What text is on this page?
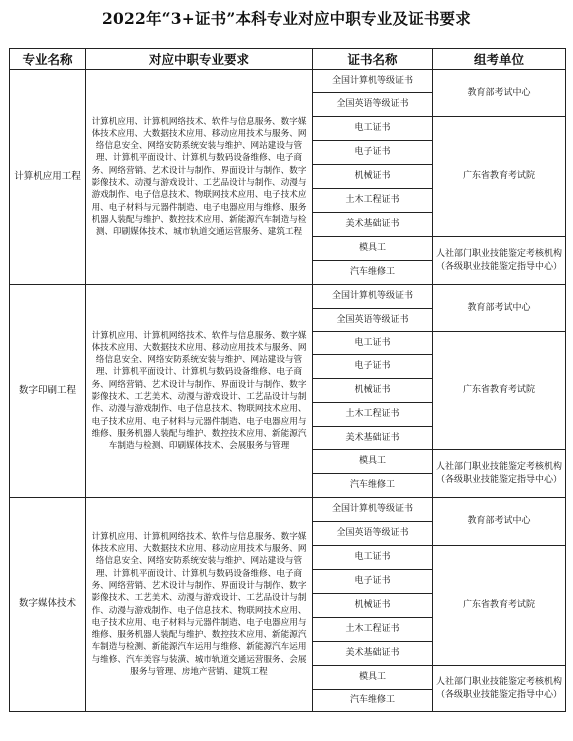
2022年“3+证书”本科专业对应中职专业及证书要求
专业名称	对应中职专业要求	证书名称	组考单位
计算机应用工程	计算机应用、计算机网络技术、软件与信息服务、数字媒体技术应用、大数据技术应用、移动应用技术与服务、网络信息安全、网络安防系统安装与维护、网站建设与管理、计算机平面设计、计算机与数码设备维修、电子商务、网络营销、艺术设计与制作、界面设计与制作、数字影像技术、动漫与游戏设计、工艺品设计与制作、动漫与游戏制作、电子信息技术、物联网技术应用、电子技术应用、电子材料与元器件制造、电子电器应用与维修、服务机器人装配与维护、数控技术应用、新能源汽车制造与检测、印刷媒体技术、城市轨道交通运营服务、建筑工程	全国计算机等级证书	教育部考试中心
		全国英语等级证书	
		电工证书	广东省教育考试院
		电子证书	
		机械证书	
		土木工程证书	
		美术基础证书	
		模具工	人社部门职业技能鉴定考核机构（各级职业技能鉴定指导中心）
		汽车维修工	
数字印刷工程	计算机应用、计算机网络技术、软件与信息服务、数字媒体技术应用、大数据技术应用、移动应用技术与服务、网络信息安全、网络安防系统安装与维护、网站建设与管理、计算机平面设计、计算机与数码设备维修、电子商务、网络营销、艺术设计与制作、界面设计与制作、数字影像技术、工艺美术、动漫与游戏设计、工艺品设计与制作、动漫与游戏制作、电子信息技术、物联网技术应用、电子技术应用、电子材料与元器件制造、电子电器应用与维修、服务机器人装配与维护、数控技术应用、新能源汽车制造与检测、印刷媒体技术、会展服务与管理	全国计算机等级证书	教育部考试中心
		全国英语等级证书	
		电工证书	广东省教育考试院
		电子证书	
		机械证书	
		土木工程证书	
		美术基础证书	
		模具工	人社部门职业技能鉴定考核机构（各级职业技能鉴定指导中心）
		汽车维修工	
数字媒体技术	计算机应用、计算机网络技术、软件与信息服务、数字媒体技术应用、大数据技术应用、移动应用技术与服务、网络信息安全、网络安防系统安装与维护、网站建设与管理、计算机平面设计、计算机与数码设备维修、电子商务、网络营销、艺术设计与制作、界面设计与制作、数字影像技术、工艺美术、动漫与游戏设计、工艺品设计与制作、动漫与游戏制作、电子信息技术、物联网技术应用、电子技术应用、电子材料与元器件制造、电子电器应用与维修、服务机器人装配与维护、数控技术应用、新能源汽车制造与检测、新能源汽车运用与维修、新能源汽车运用与维修、汽车美容与装潢、城市轨道交通运营服务、会展服务与管理、房地产营销、建筑工程	全国计算机等级证书	教育部考试中心
		全国英语等级证书	
		电工证书	广东省教育考试院
		电子证书	
		机械证书	
		土木工程证书	
		美术基础证书	
		模具工	人社部门职业技能鉴定考核机构（各级职业技能鉴定指导中心）
		汽车维修工	
